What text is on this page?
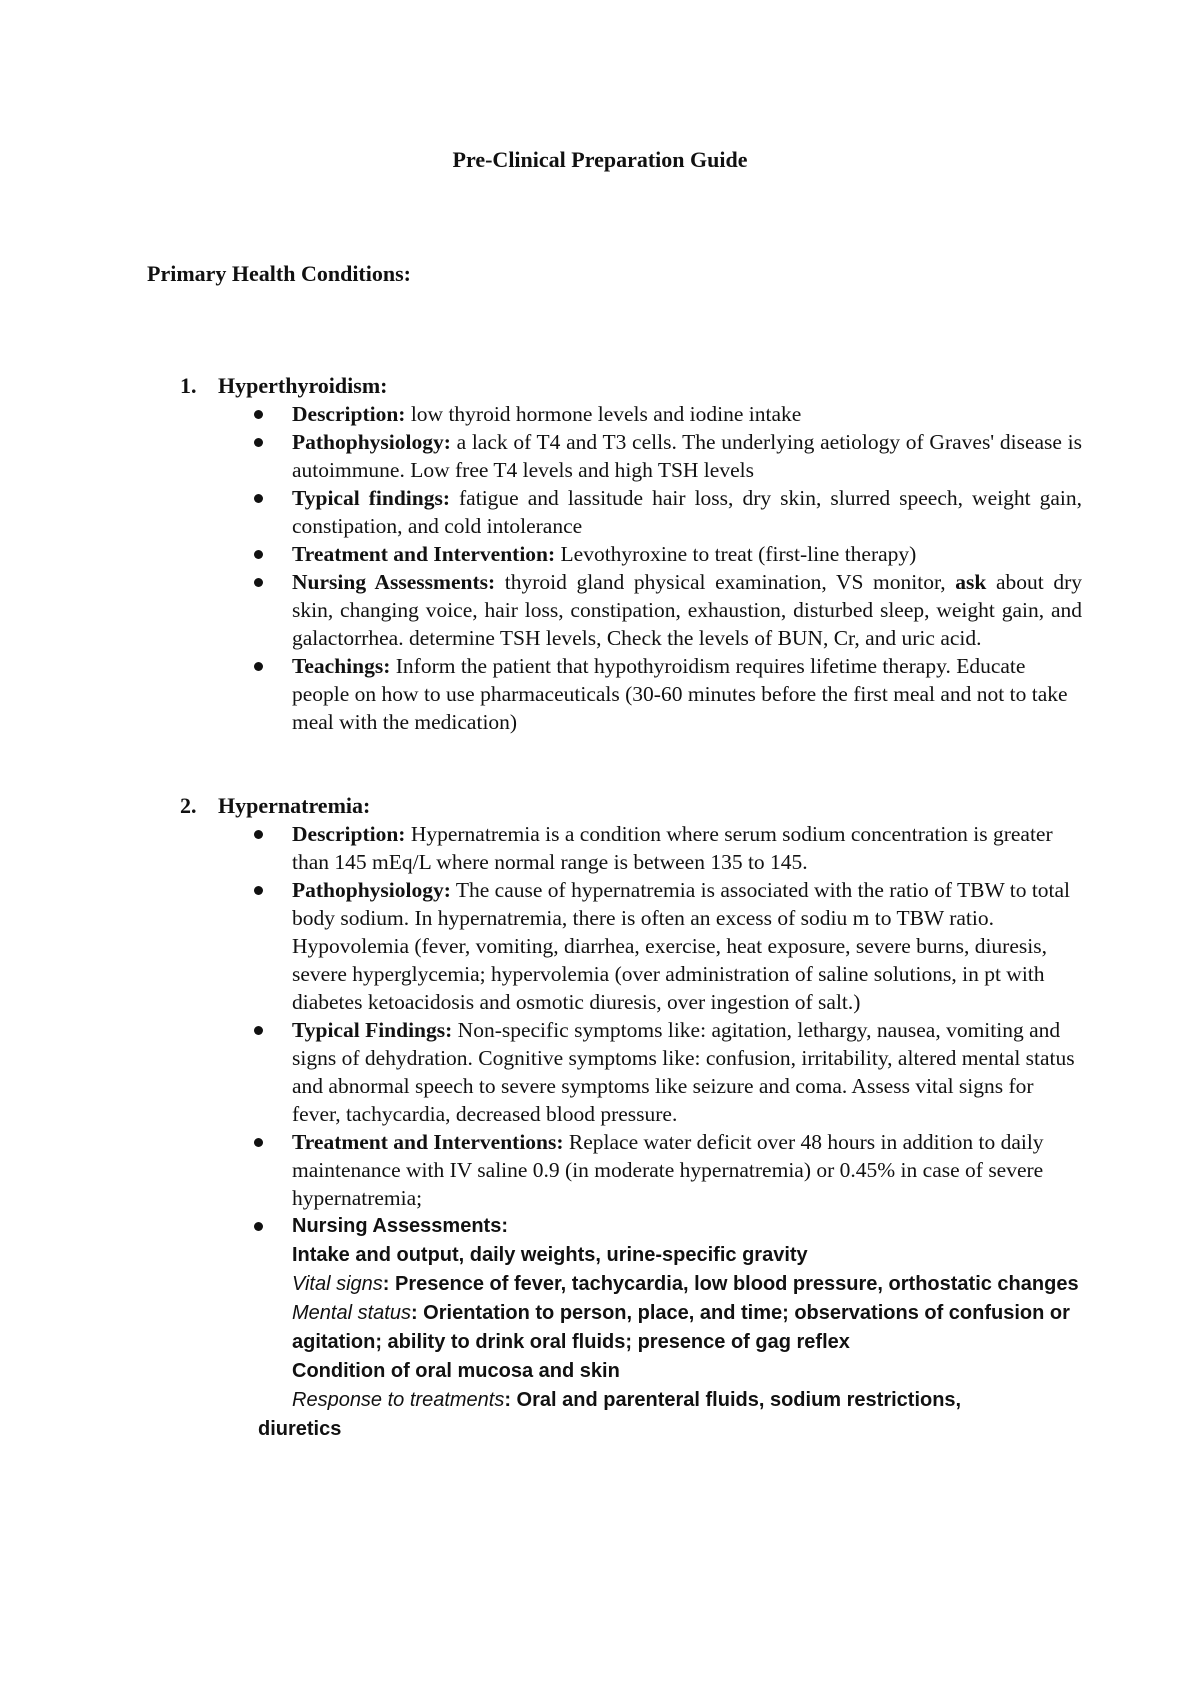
Pre-Clinical Preparation Guide
Primary Health Conditions:
1. Hyperthyroidism:
Description: low thyroid hormone levels and iodine intake
Pathophysiology: a lack of T4 and T3 cells. The underlying aetiology of Graves' disease is autoimmune. Low free T4 levels and high TSH levels
Typical findings: fatigue and lassitude hair loss, dry skin, slurred speech, weight gain, constipation, and cold intolerance
Treatment and Intervention: Levothyroxine to treat (first-line therapy)
Nursing Assessments: thyroid gland physical examination, VS monitor, ask about dry skin, changing voice, hair loss, constipation, exhaustion, disturbed sleep, weight gain, and galactorrhea. determine TSH levels, Check the levels of BUN, Cr, and uric acid.
Teachings: Inform the patient that hypothyroidism requires lifetime therapy. Educate people on how to use pharmaceuticals (30-60 minutes before the first meal and not to take meal with the medication)
2. Hypernatremia:
Description: Hypernatremia is a condition where serum sodium concentration is greater than 145 mEq/L where normal range is between 135 to 145.
Pathophysiology: The cause of hypernatremia is associated with the ratio of TBW to total body sodium. In hypernatremia, there is often an excess of sodiu m to TBW ratio. Hypovolemia (fever, vomiting, diarrhea, exercise, heat exposure, severe burns, diuresis, severe hyperglycemia; hypervolemia (over administration of saline solutions, in pt with diabetes ketoacidosis and osmotic diuresis, over ingestion of salt.)
Typical Findings: Non-specific symptoms like: agitation, lethargy, nausea, vomiting and signs of dehydration. Cognitive symptoms like: confusion, irritability, altered mental status and abnormal speech to severe symptoms like seizure and coma. Assess vital signs for fever, tachycardia, decreased blood pressure.
Treatment and Interventions: Replace water deficit over 48 hours in addition to daily maintenance with IV saline 0.9 (in moderate hypernatremia) or 0.45% in case of severe hypernatremia;
Nursing Assessments:
Intake and output, daily weights, urine-specific gravity
Vital signs: Presence of fever, tachycardia, low blood pressure, orthostatic changes
Mental status: Orientation to person, place, and time; observations of confusion or agitation; ability to drink oral fluids; presence of gag reflex
Condition of oral mucosa and skin
Response to treatments: Oral and parenteral fluids, sodium restrictions,
diuretics
